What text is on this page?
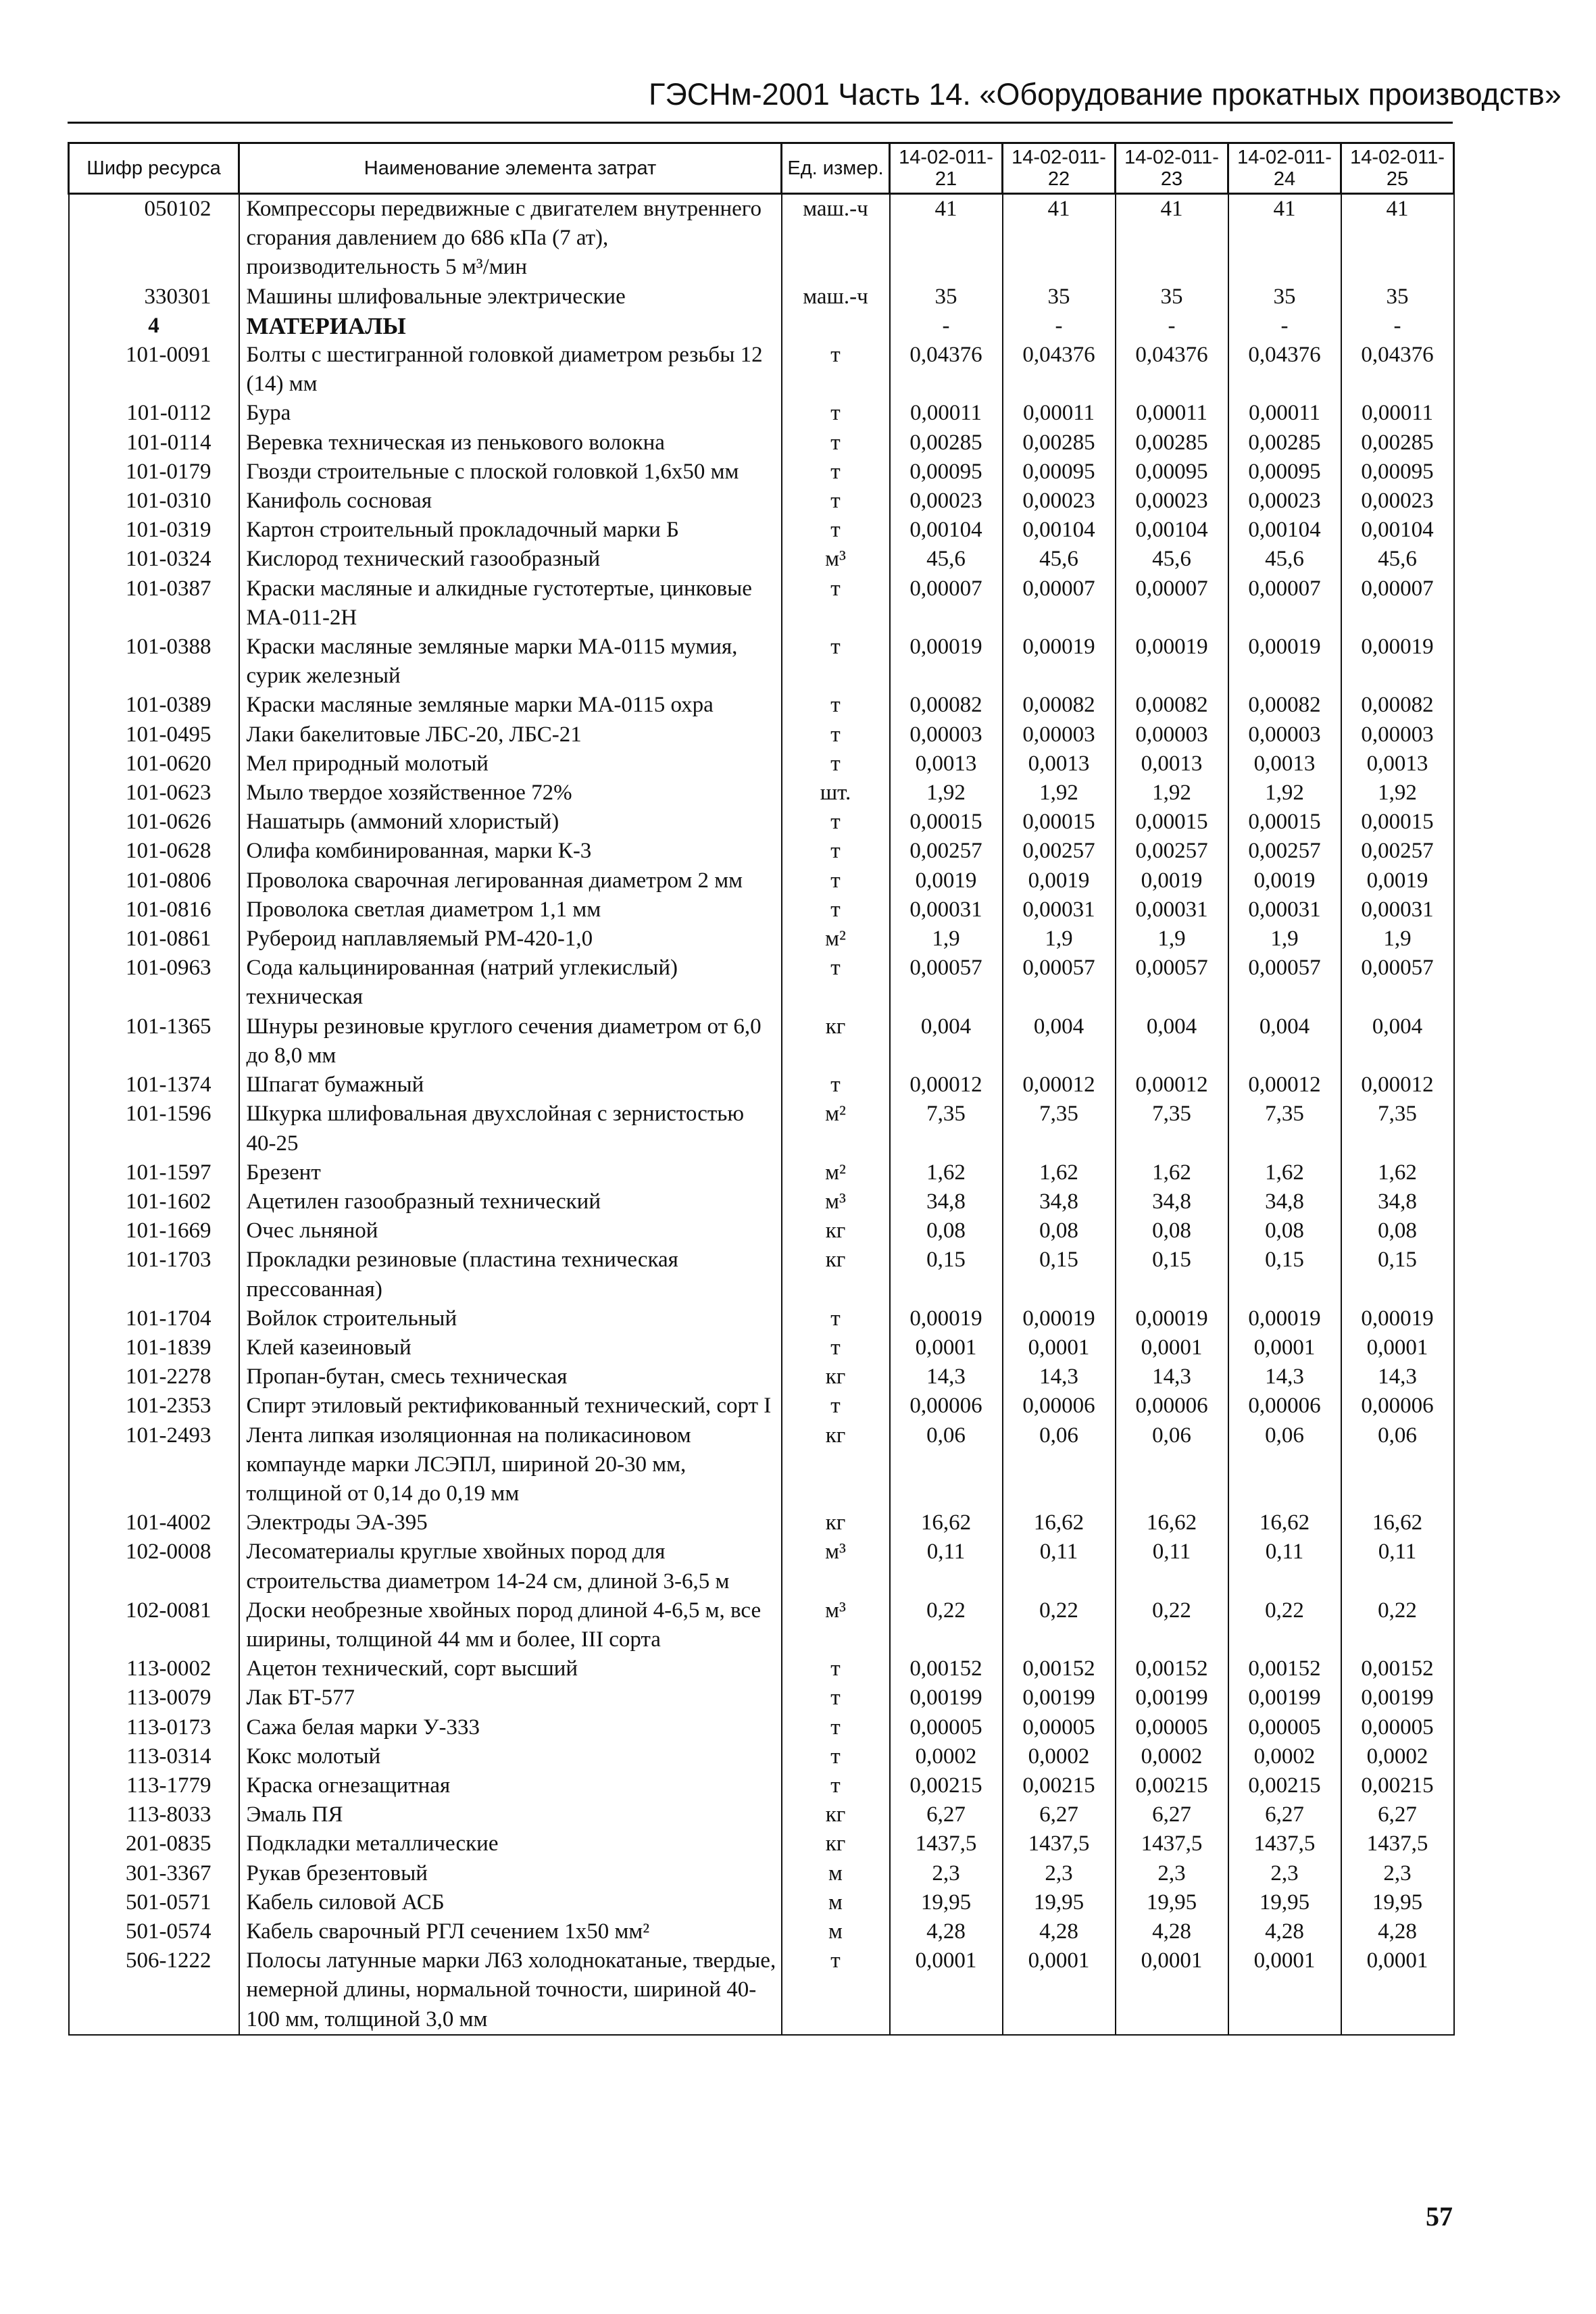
ГЭСНм-2001 Часть 14. «Оборудование прокатных производств»
Шифр ресурса	Наименование элемента затрат	Ед. измер.	14-02-011-21	14-02-011-22	14-02-011-23	14-02-011-24	14-02-011-25
050102	Компрессоры передвижные с двигателем внутреннего сгорания давлением до 686 кПа (7 ат), производительность 5 м³/мин	маш.-ч	41	41	41	41	41
330301	Машины шлифовальные электрические	маш.-ч	35	35	35	35	35
4	МАТЕРИАЛЫ		-	-	-	-	-
101-0091	Болты с шестигранной головкой диаметром резьбы 12 (14) мм	т	0,04376	0,04376	0,04376	0,04376	0,04376
101-0112	Бура	т	0,00011	0,00011	0,00011	0,00011	0,00011
101-0114	Веревка техническая из пенькового волокна	т	0,00285	0,00285	0,00285	0,00285	0,00285
101-0179	Гвозди строительные с плоской головкой 1,6x50 мм	т	0,00095	0,00095	0,00095	0,00095	0,00095
101-0310	Канифоль сосновая	т	0,00023	0,00023	0,00023	0,00023	0,00023
101-0319	Картон строительный прокладочный марки Б	т	0,00104	0,00104	0,00104	0,00104	0,00104
101-0324	Кислород технический газообразный	м³	45,6	45,6	45,6	45,6	45,6
101-0387	Краски масляные и алкидные густотертые, цинковые МА-011-2Н	т	0,00007	0,00007	0,00007	0,00007	0,00007
101-0388	Краски масляные земляные марки МА-0115 мумия, сурик железный	т	0,00019	0,00019	0,00019	0,00019	0,00019
101-0389	Краски масляные земляные марки МА-0115 охра	т	0,00082	0,00082	0,00082	0,00082	0,00082
101-0495	Лаки бакелитовые ЛБС-20, ЛБС-21	т	0,00003	0,00003	0,00003	0,00003	0,00003
101-0620	Мел природный молотый	т	0,0013	0,0013	0,0013	0,0013	0,0013
101-0623	Мыло твердое хозяйственное 72%	шт.	1,92	1,92	1,92	1,92	1,92
101-0626	Нашатырь (аммоний хлористый)	т	0,00015	0,00015	0,00015	0,00015	0,00015
101-0628	Олифа комбинированная, марки К-3	т	0,00257	0,00257	0,00257	0,00257	0,00257
101-0806	Проволока сварочная легированная диаметром 2 мм	т	0,0019	0,0019	0,0019	0,0019	0,0019
101-0816	Проволока светлая диаметром 1,1 мм	т	0,00031	0,00031	0,00031	0,00031	0,00031
101-0861	Рубероид наплавляемый РМ-420-1,0	м²	1,9	1,9	1,9	1,9	1,9
101-0963	Сода кальцинированная (натрий углекислый) техническая	т	0,00057	0,00057	0,00057	0,00057	0,00057
101-1365	Шнуры резиновые круглого сечения диаметром от 6,0 до 8,0 мм	кг	0,004	0,004	0,004	0,004	0,004
101-1374	Шпагат бумажный	т	0,00012	0,00012	0,00012	0,00012	0,00012
101-1596	Шкурка шлифовальная двухслойная с зернистостью 40-25	м²	7,35	7,35	7,35	7,35	7,35
101-1597	Брезент	м²	1,62	1,62	1,62	1,62	1,62
101-1602	Ацетилен газообразный технический	м³	34,8	34,8	34,8	34,8	34,8
101-1669	Очес льняной	кг	0,08	0,08	0,08	0,08	0,08
101-1703	Прокладки резиновые (пластина техническая прессованная)	кг	0,15	0,15	0,15	0,15	0,15
101-1704	Войлок строительный	т	0,00019	0,00019	0,00019	0,00019	0,00019
101-1839	Клей казеиновый	т	0,0001	0,0001	0,0001	0,0001	0,0001
101-2278	Пропан-бутан, смесь техническая	кг	14,3	14,3	14,3	14,3	14,3
101-2353	Спирт этиловый ректификованный технический, сорт I	т	0,00006	0,00006	0,00006	0,00006	0,00006
101-2493	Лента липкая изоляционная на поликасиновом компаунде марки ЛСЭПЛ, шириной 20-30 мм, толщиной от 0,14 до 0,19 мм	кг	0,06	0,06	0,06	0,06	0,06
101-4002	Электроды ЭА-395	кг	16,62	16,62	16,62	16,62	16,62
102-0008	Лесоматериалы круглые хвойных пород для строительства диаметром 14-24 см, длиной 3-6,5 м	м³	0,11	0,11	0,11	0,11	0,11
102-0081	Доски необрезные хвойных пород длиной 4-6,5 м, все ширины, толщиной 44 мм и более, III сорта	м³	0,22	0,22	0,22	0,22	0,22
113-0002	Ацетон технический, сорт высший	т	0,00152	0,00152	0,00152	0,00152	0,00152
113-0079	Лак БТ-577	т	0,00199	0,00199	0,00199	0,00199	0,00199
113-0173	Сажа белая марки У-333	т	0,00005	0,00005	0,00005	0,00005	0,00005
113-0314	Кокс молотый	т	0,0002	0,0002	0,0002	0,0002	0,0002
113-1779	Краска огнезащитная	т	0,00215	0,00215	0,00215	0,00215	0,00215
113-8033	Эмаль ПЯ	кг	6,27	6,27	6,27	6,27	6,27
201-0835	Подкладки металлические	кг	1437,5	1437,5	1437,5	1437,5	1437,5
301-3367	Рукав брезентовый	м	2,3	2,3	2,3	2,3	2,3
501-0571	Кабель силовой АСБ	м	19,95	19,95	19,95	19,95	19,95
501-0574	Кабель сварочный РГЛ сечением 1x50 мм²	м	4,28	4,28	4,28	4,28	4,28
506-1222	Полосы латунные марки Л63 холоднокатаные, твердые, немерной длины, нормальной точности, шириной 40-100 мм, толщиной 3,0 мм	т	0,0001	0,0001	0,0001	0,0001	0,0001
57
